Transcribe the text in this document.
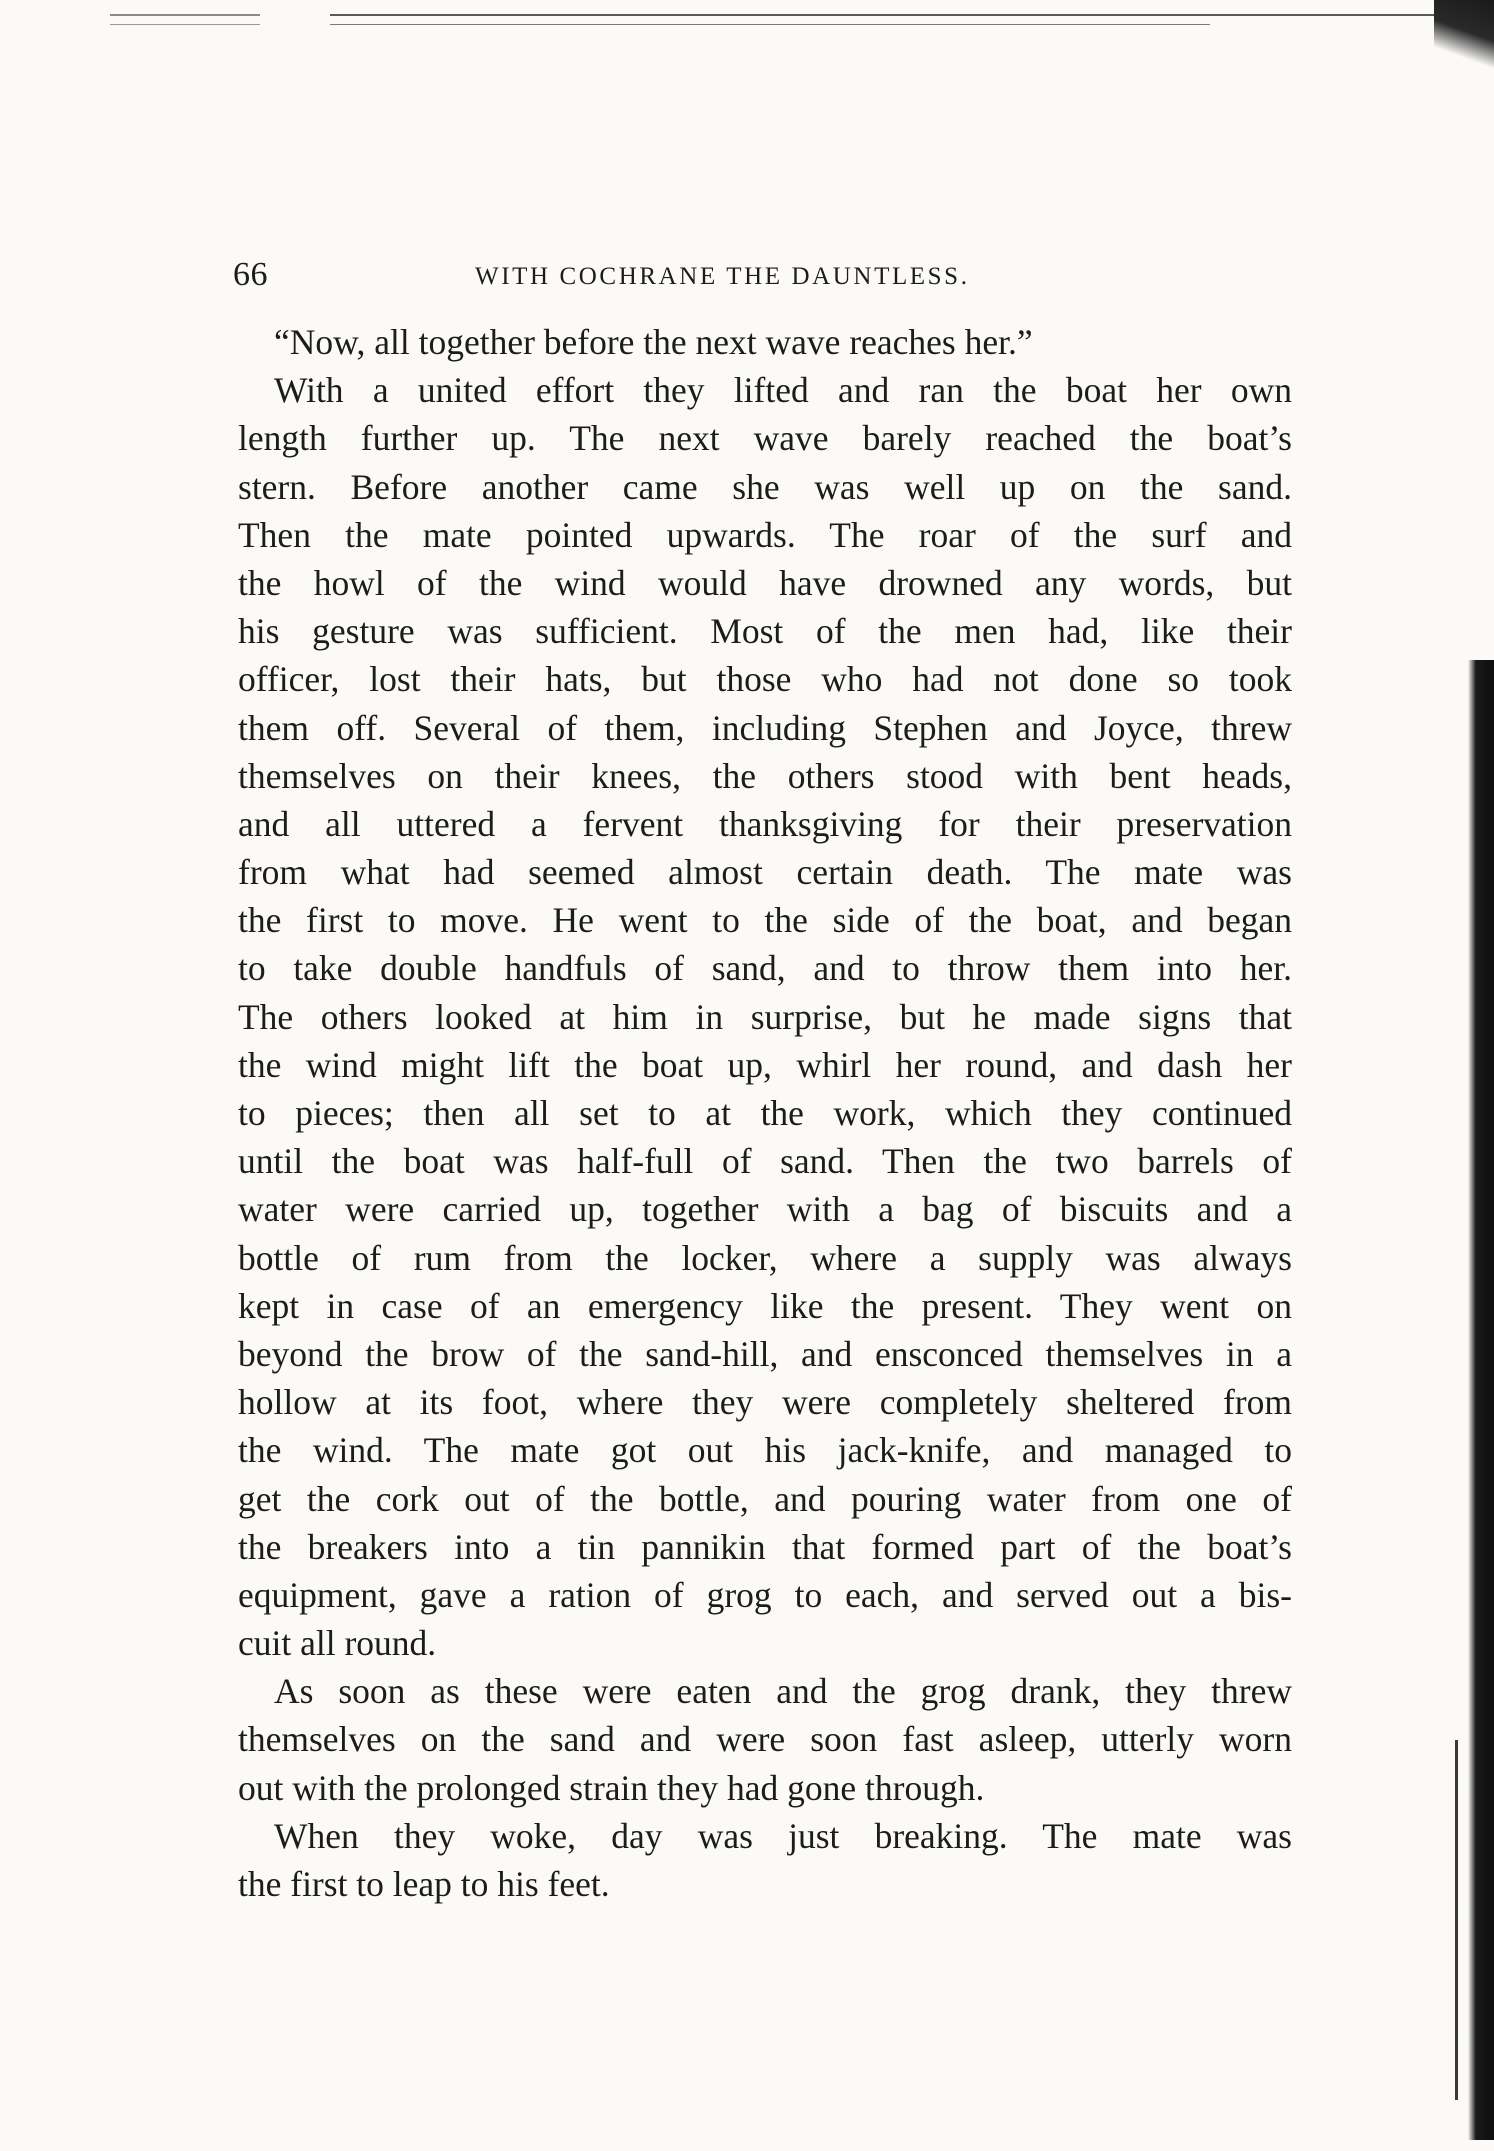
66	WITH COCHRANE THE DAUNTLESS.
“Now, all together before the next wave reaches her.”
With a united effort they lifted and ran the boat her own
length further up. The next wave barely reached the boat’s
stern. Before another came she was well up on the sand.
Then the mate pointed upwards. The roar of the surf and
the howl of the wind would have drowned any words, but
his gesture was sufficient. Most of the men had, like their
officer, lost their hats, but those who had not done so took
them off. Several of them, including Stephen and Joyce, threw
themselves on their knees, the others stood with bent heads,
and all uttered a fervent thanksgiving for their preservation
from what had seemed almost certain death. The mate was
the first to move. He went to the side of the boat, and began
to take double handfuls of sand, and to throw them into her.
The others looked at him in surprise, but he made signs that
the wind might lift the boat up, whirl her round, and dash her
to pieces; then all set to at the work, which they continued
until the boat was half-full of sand. Then the two barrels of
water were carried up, together with a bag of biscuits and a
bottle of rum from the locker, where a supply was always
kept in case of an emergency like the present. They went on
beyond the brow of the sand-hill, and ensconced themselves in a
hollow at its foot, where they were completely sheltered from
the wind. The mate got out his jack-knife, and managed to
get the cork out of the bottle, and pouring water from one of
the breakers into a tin pannikin that formed part of the boat’s
equipment, gave a ration of grog to each, and served out a bis-
cuit all round.
As soon as these were eaten and the grog drank, they threw
themselves on the sand and were soon fast asleep, utterly worn
out with the prolonged strain they had gone through.
When they woke, day was just breaking. The mate was
the first to leap to his feet.
